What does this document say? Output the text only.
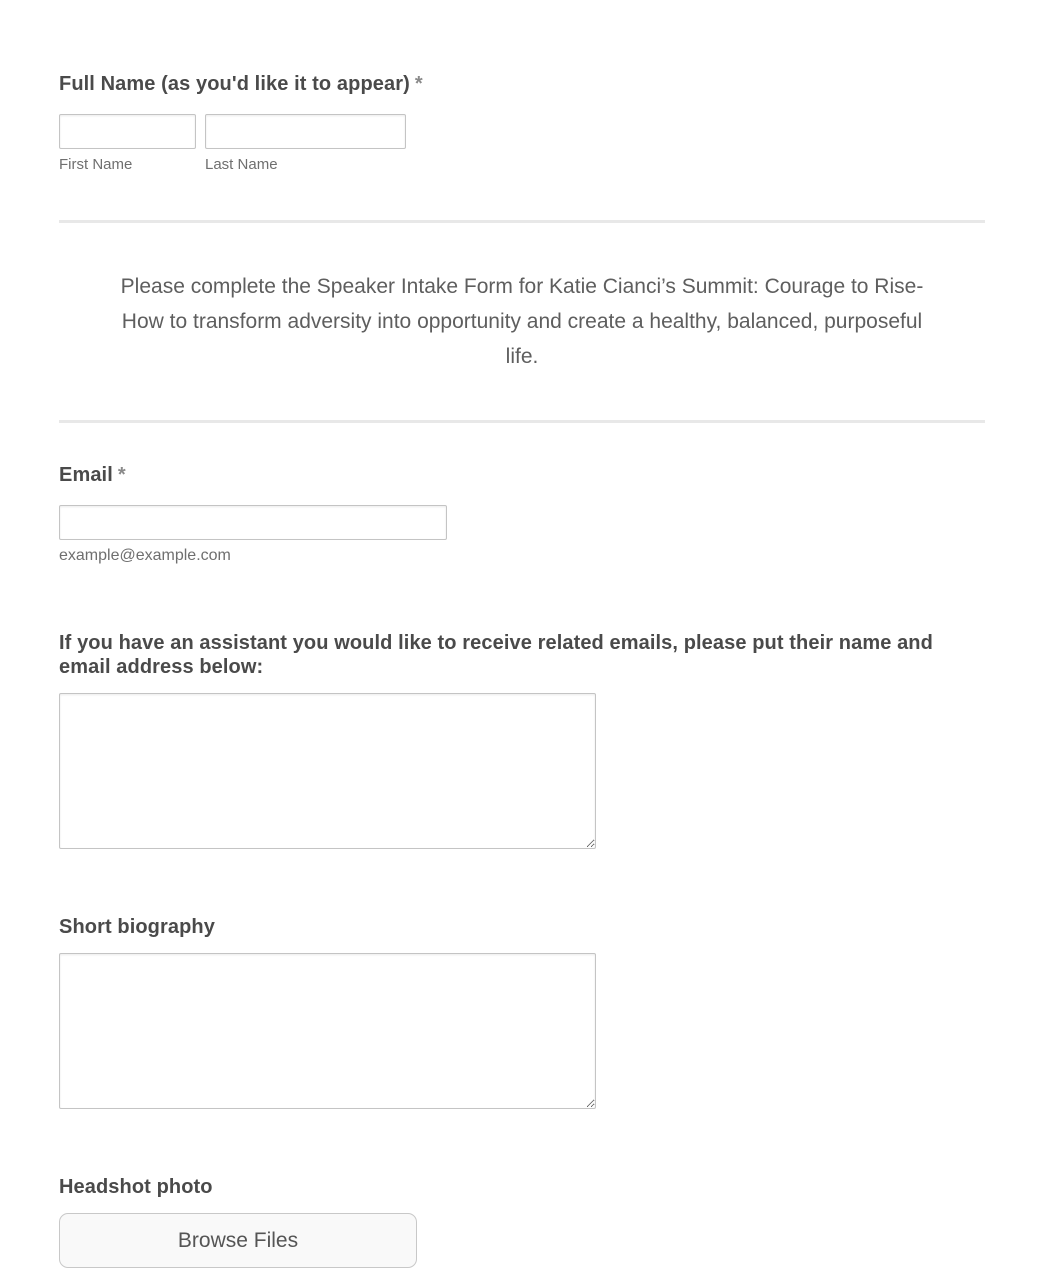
Full Name (as you'd like it to appear) *
First Name	Last Name
Please complete the Speaker Intake Form for Katie Cianci’s Summit: Courage to Rise-
How to transform adversity into opportunity and create a healthy, balanced, purposeful
life.
Email *
example@example.com
If you have an assistant you would like to receive related emails, please put their name and email address below:
Short biography
Headshot photo
Browse Files
